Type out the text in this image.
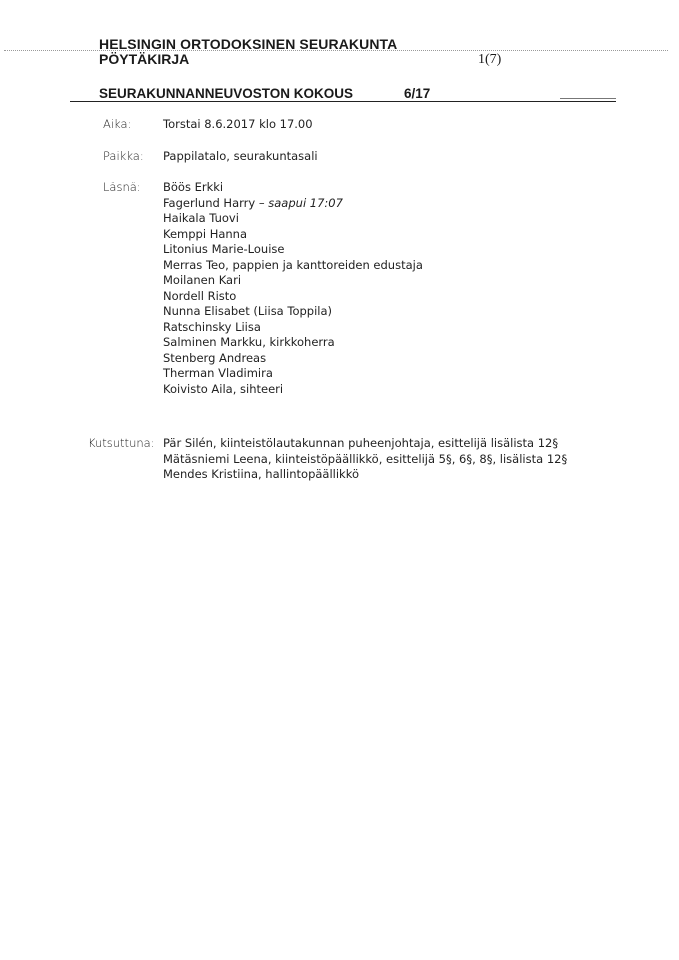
HELSINGIN ORTODOKSINEN SEURAKUNTA
PÖYTÄKIRJA	1(7)
SEURAKUNNANNEUVOSTON KOKOUS	6/17
Aika:	Torstai 8.6.2017 klo 17.00
Paikka: Pappilatalo, seurakuntasali
Läsnä: Böös Erkki
Fagerlund Harry – saapui 17:07
Haikala Tuovi
Kemppi Hanna
Litonius Marie-Louise
Merras Teo, pappien ja kanttoreiden edustaja
Moilanen Kari
Nordell Risto
Nunna Elisabet (Liisa Toppila)
Ratschinsky Liisa
Salminen Markku, kirkkoherra
Stenberg Andreas
Therman Vladimira
Koivisto Aila, sihteeri
Kutsuttuna: Pär Silén, kiinteistölautakunnan puheenjohtaja, esittelijä lisälista 12§
Mätäsniemi Leena, kiinteistöpäällikkö, esittelijä 5§, 6§, 8§, lisälista 12§
Mendes Kristiina, hallintopäällikkö
